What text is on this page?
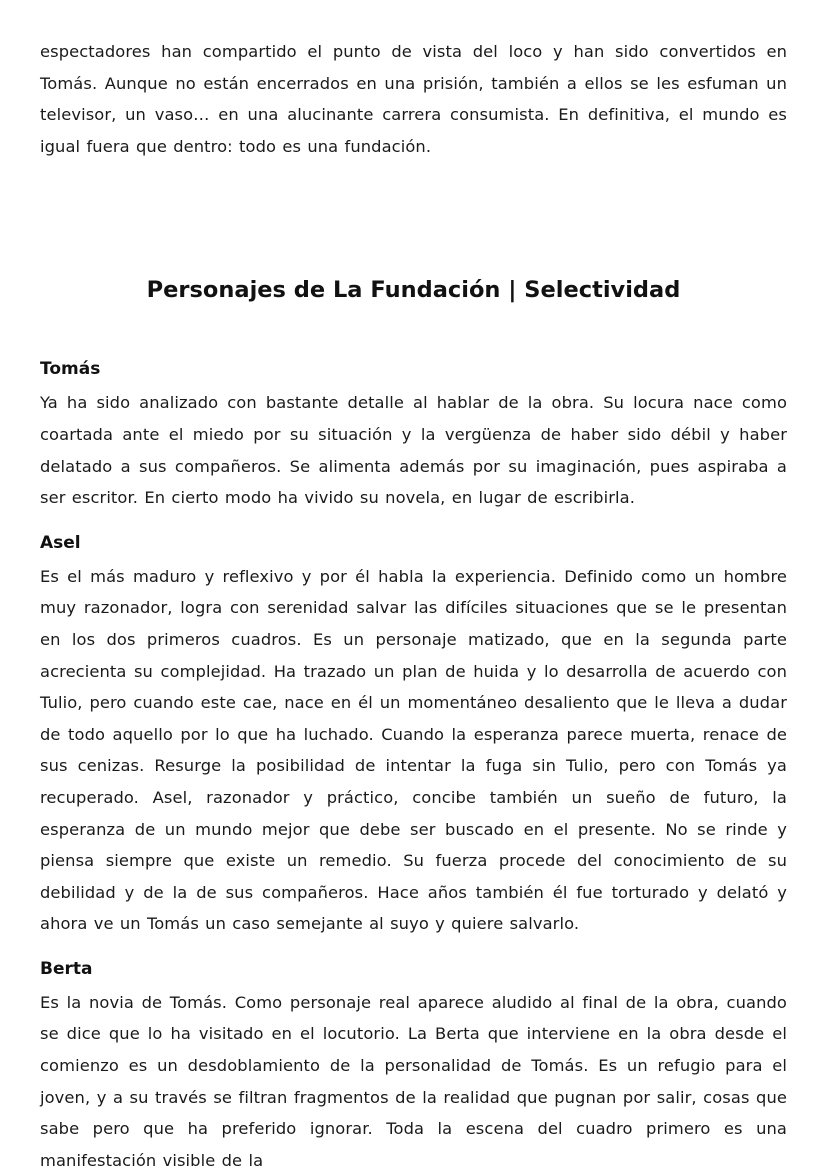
espectadores han compartido el punto de vista del loco y han sido convertidos en Tomás. Aunque no están encerrados en una prisión, también a ellos se les esfuman un televisor, un vaso… en una alucinante carrera consumista. En definitiva, el mundo es igual fuera que dentro: todo es una fundación.

Personajes de La Fundación | Selectividad
Tomás

Ya ha sido analizado con bastante detalle al hablar de la obra. Su locura nace como coartada ante el miedo por su situación y la vergüenza de haber sido débil y haber delatado a sus compañeros. Se alimenta además por su imaginación, pues aspiraba a ser escritor. En cierto modo ha vivido su novela, en lugar de escribirla.

Asel

Es el más maduro y reflexivo y por él habla la experiencia. Definido como un hombre muy razonador, logra con serenidad salvar las difíciles situaciones que se le presentan en los dos primeros cuadros. Es un personaje matizado, que en la segunda parte acrecienta su complejidad. Ha trazado un plan de huida y lo desarrolla de acuerdo con Tulio, pero cuando este cae, nace en él un momentáneo desaliento que le lleva a dudar de todo aquello por lo que ha luchado. Cuando la esperanza parece muerta, renace de sus cenizas. Resurge la posibilidad de intentar la fuga sin Tulio, pero con Tomás ya recuperado. Asel, razonador y práctico, concibe también un sueño de futuro, la esperanza de un mundo mejor que debe ser buscado en el presente. No se rinde y piensa siempre que existe un remedio. Su fuerza procede del conocimiento de su debilidad y de la de sus compañeros. Hace años también él fue torturado y delató y ahora ve un Tomás un caso semejante al suyo y quiere salvarlo.

Berta

Es la novia de Tomás. Como personaje real aparece aludido al final de la obra, cuando se dice que lo ha visitado en el locutorio. La Berta que interviene en la obra desde el comienzo es un desdoblamiento de la personalidad de Tomás. Es un refugio para el joven, y a su través se filtran fragmentos de la realidad que pugnan por salir, cosas que sabe pero que ha preferido ignorar. Toda la escena del cuadro primero es una manifestación visible de la
